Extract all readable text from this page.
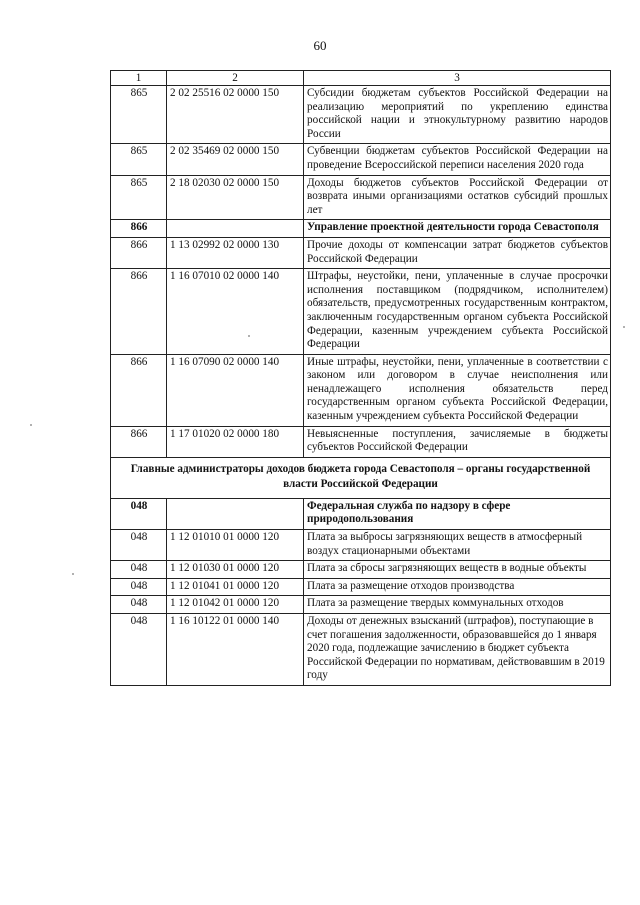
60
1	2	3
865	2 02 25516 02 0000 150	Субсидии бюджетам субъектов Российской Федерации на реализацию мероприятий по укреплению единства российской нации и этнокультурному развитию народов России
865	2 02 35469 02 0000 150	Субвенции бюджетам субъектов Российской Федерации на проведение Всероссийской переписи населения 2020 года
865	2 18 02030 02 0000 150	Доходы бюджетов субъектов Российской Федерации от возврата иными организациями остатков субсидий прошлых лет
866		Управление проектной деятельности города Севастополя
866	1 13 02992 02 0000 130	Прочие доходы от компенсации затрат бюджетов субъектов Российской Федерации
866	1 16 07010 02 0000 140	Штрафы, неустойки, пени, уплаченные в случае просрочки исполнения поставщиком (подрядчиком, исполнителем) обязательств, предусмотренных государственным контрактом, заключенным государственным органом субъекта Российской Федерации, казенным учреждением субъекта Российской Федерации
866	1 16 07090 02 0000 140	Иные штрафы, неустойки, пени, уплаченные в соответствии с законом или договором в случае неисполнения или ненадлежащего исполнения обязательств перед государственным органом субъекта Российской Федерации, казенным учреждением субъекта Российской Федерации
866	1 17 01020 02 0000 180	Невыясненные поступления, зачисляемые в бюджеты субъектов Российской Федерации
Главные администраторы доходов бюджета города Севастополя – органы государственной власти Российской Федерации		
048		Федеральная служба по надзору в сфере природопользования
048	1 12 01010 01 0000 120	Плата за выбросы загрязняющих веществ в атмосферный воздух стационарными объектами
048	1 12 01030 01 0000 120	Плата за сбросы загрязняющих веществ в водные объекты
048	1 12 01041 01 0000 120	Плата за размещение отходов производства
048	1 12 01042 01 0000 120	Плата за размещение твердых коммунальных отходов
048	1 16 10122 01 0000 140	Доходы от денежных взысканий (штрафов), поступающие в счет погашения задолженности, образовавшейся до 1 января 2020 года, подлежащие зачислению в бюджет субъекта Российской Федерации по нормативам, действовавшим в 2019 году
